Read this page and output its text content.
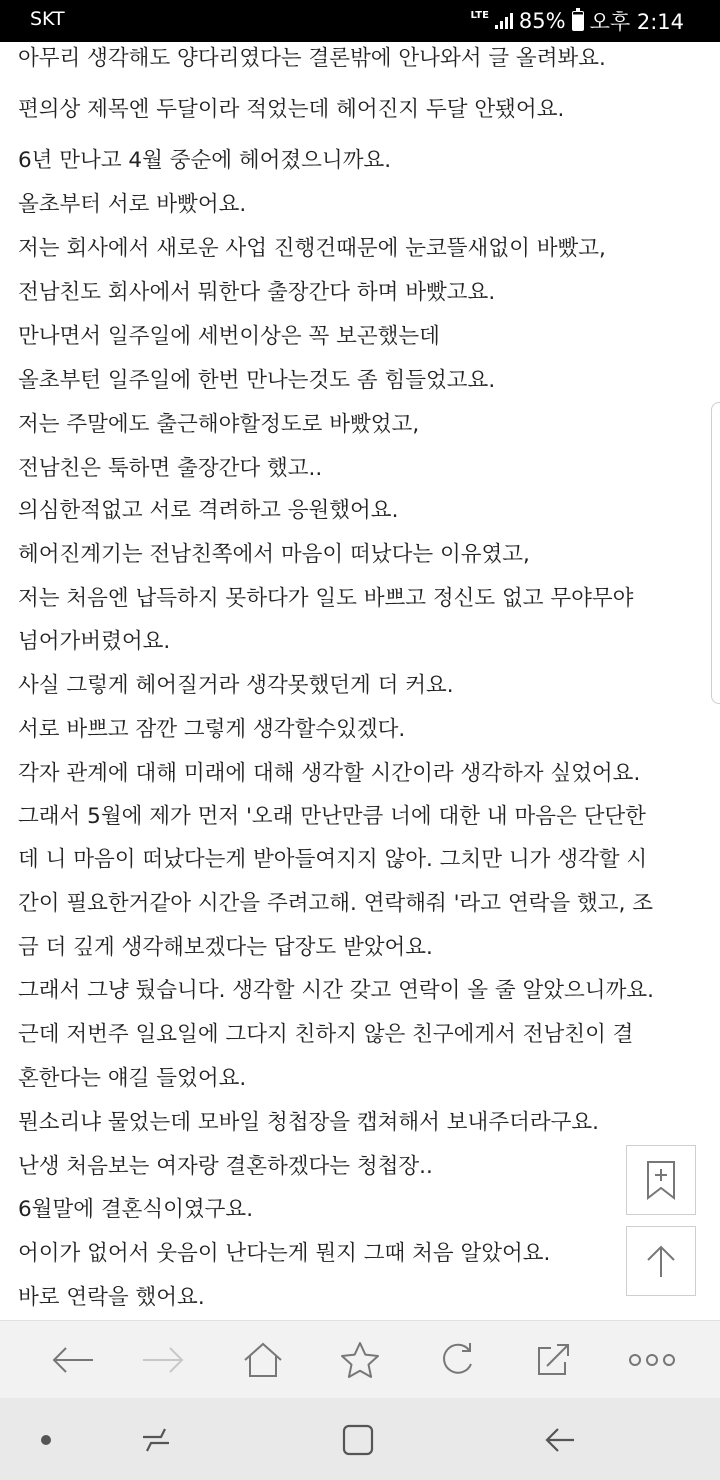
SKT	LTE 85% 오후 2:14

아무리 생각해도 양다리였다는 결론밖에 안나와서 글 올려봐요.

편의상 제목엔 두달이라 적었는데 헤어진지 두달 안됐어요.

6년 만나고 4월 중순에 헤어졌으니까요.

올초부터 서로 바빴어요.

저는 회사에서 새로운 사업 진행건때문에 눈코뜰새없이 바빴고,

전남친도 회사에서 뭐한다 출장간다 하며 바빴고요.

만나면서 일주일에 세번이상은 꼭 보곤했는데

올초부턴 일주일에 한번 만나는것도 좀 힘들었고요.

저는 주말에도 출근해야할정도로 바빴었고,

전남친은 툭하면 출장간다 했고..

의심한적없고 서로 격려하고 응원했어요.

헤어진계기는 전남친쪽에서 마음이 떠났다는 이유였고,

저는 처음엔 납득하지 못하다가 일도 바쁘고 정신도 없고 무야무야

넘어가버렸어요.

사실 그렇게 헤어질거라 생각못했던게 더 커요.

서로 바쁘고 잠깐 그렇게 생각할수있겠다.

각자 관계에 대해 미래에 대해 생각할 시간이라 생각하자 싶었어요.

그래서 5월에 제가 먼저 '오래 만난만큼 너에 대한 내 마음은 단단한

데 니 마음이 떠났다는게 받아들여지지 않아. 그치만 니가 생각할 시

간이 필요한거같아 시간을 주려고해. 연락해줘 '라고 연락을 했고, 조

금 더 깊게 생각해보겠다는 답장도 받았어요.

그래서 그냥 뒀습니다. 생각할 시간 갖고 연락이 올 줄 알았으니까요.

근데 저번주 일요일에 그다지 친하지 않은 친구에게서 전남친이 결

혼한다는 얘길 들었어요.

뭔소리냐 물었는데 모바일 청첩장을 캡쳐해서 보내주더라구요.

난생 처음보는 여자랑 결혼하겠다는 청첩장..

6월말에 결혼식이였구요.

어이가 없어서 웃음이 난다는게 뭔지 그때 처음 알았어요.

바로 연락을 했어요.
